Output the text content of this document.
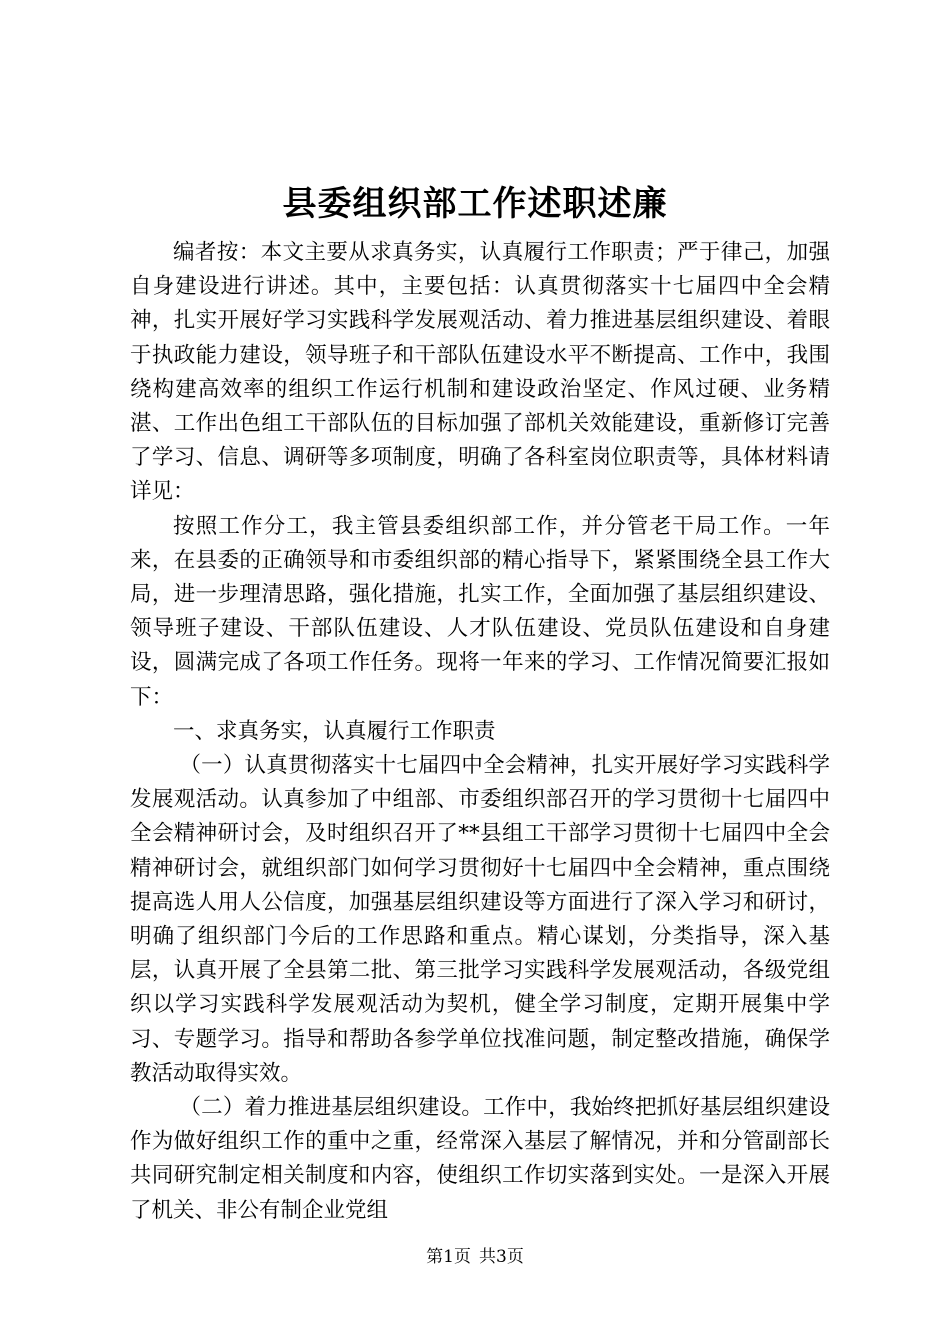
县委组织部工作述职述廉

编者按：本文主要从求真务实，认真履行工作职责；严于律己，加强自身建设进行讲述。其中，主要包括：认真贯彻落实十七届四中全会精神，扎实开展好学习实践科学发展观活动、着力推进基层组织建设、着眼于执政能力建设，领导班子和干部队伍建设水平不断提高、工作中，我围绕构建高效率的组织工作运行机制和建设政治坚定、作风过硬、业务精湛、工作出色组工干部队伍的目标加强了部机关效能建设，重新修订完善了学习、信息、调研等多项制度，明确了各科室岗位职责等，具体材料请详见：

按照工作分工，我主管县委组织部工作，并分管老干局工作。一年来，在县委的正确领导和市委组织部的精心指导下，紧紧围绕全县工作大局，进一步理清思路，强化措施，扎实工作，全面加强了基层组织建设、领导班子建设、干部队伍建设、人才队伍建设、党员队伍建设和自身建设，圆满完成了各项工作任务。现将一年来的学习、工作情况简要汇报如下：

一、求真务实，认真履行工作职责

（一）认真贯彻落实十七届四中全会精神，扎实开展好学习实践科学发展观活动。认真参加了中组部、市委组织部召开的学习贯彻十七届四中全会精神研讨会，及时组织召开了**县组工干部学习贯彻十七届四中全会精神研讨会，就组织部门如何学习贯彻好十七届四中全会精神，重点围绕提高选人用人公信度，加强基层组织建设等方面进行了深入学习和研讨，明确了组织部门今后的工作思路和重点。精心谋划，分类指导，深入基层，认真开展了全县第二批、第三批学习实践科学发展观活动，各级党组织以学习实践科学发展观活动为契机，健全学习制度，定期开展集中学习、专题学习。指导和帮助各参学单位找准问题，制定整改措施，确保学教活动取得实效。

（二）着力推进基层组织建设。工作中，我始终把抓好基层组织建设作为做好组织工作的重中之重，经常深入基层了解情况，并和分管副部长共同研究制定相关制度和内容，使组织工作切实落到实处。一是深入开展了机关、非公有制企业党组

第1页 共3页
